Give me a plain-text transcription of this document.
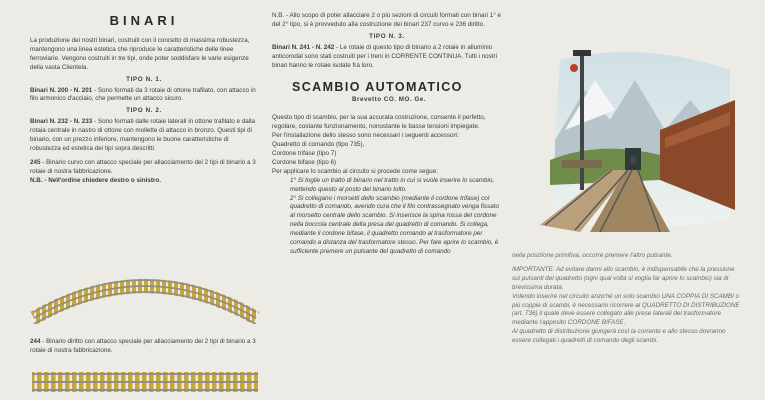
BINARI

La produzione dei nostri binari, costruiti con il concetto di massima robustezza, mantengono una linea estetica che riproduce le caratteristiche delle linee ferroviarie. Vengono costruiti in tre tipi, onde poter soddisfare le varie esigenze della vasta Clientela.

TIPO N. 1.

Binari N. 200 - N. 201 - Sono formati da 3 rotaie di ottone trafilato, con attacco in filo armonico d'acciaio, che permette un attacco sicuro.

TIPO N. 2.

Binari N. 232 - N. 233 - Sono formati dalle rotaie laterali in ottone trafilato e dalla rotaia centrale in nastro di ottone con mollette di attacco in bronzo. Questi tipi di binario, con un prezzo inferiore, mantengono le buone caratteristiche di robustezza ed estetica dei tipi sopra descritti.

245 - Binario curvo con attacco speciale per allacciamento dei 2 tipi di binario a 3 rotaie di nostra fabbricazione.

N.B. - Nell'ordine chiedere destro o sinistro.

244 - Binario diritto con attacco speciale per allacciamento dei 2 tipi di binario a 3 rotaie di nostra fabbricazione.

N.B. - Allo scopo di poter allacciare 2 o più sezioni di circuiti formati con binari 1° e del 2° tipo, si è provveduto alla costruzione dei binari 237 curvo e 236 diritto.

TIPO N. 3.

Binari N. 241 - N. 242 - Le rotaie di questo tipo di binario a 2 rotaie in alluminio anticorodal sono stati costruiti per i treni in CORRENTE CONTINUA. Tutti i nostri binari hanno le rotaie isolate fra loro.

SCAMBIO AUTOMATICO
Brevetto CO. MO. Ge.

Questo tipo di scambio, per la sua accurata costruzione, consente il perfetto, regolare, costante funzionamento, nonostante le basse tensioni impiegate.

Per l'installazione dello stesso sono necessari i seguenti accessori:

Quadretto di comando (tipo 735),

Cordone trifase (tipo 7)

Cordone bifase (tipo 6)

Per applicare lo scambio al circuito si procede come segue:

1° Si toglie un tratto di binario nel tratto in cui si vuole inserire lo scambio, mettendo questo al posto del binario tolto.

2° Si collegano i morsetti dello scambio (mediante il cordone trifase) col quadretto di comando, avendo cura che il filo contrassegnato venga fissato al morsetto centrale dello scambio. Si inserisce la spina rossa del cordone nella boccola centrale della presa del quadretto di comando. Si collega, mediante il cordone bifase, il quadretto comando al trasformatore per comando a distanza del trasformatore stesso. Per fare aprire lo scambio, è sufficiente premere un pulsante del quadretto di comando

nella posizione primitiva, occorre premere l'altro pulsante.

IMPORTANTE: Ad evitare danni allo scambio, è indispensabile che la pressione sui pulsanti del quadretto (ogni qual volta si voglia far aprire lo scambio) sia di brevissima durata.

Volendo inserire nel circuito anziché un solo scambio UNA COPPIA DI SCAMBI o più coppie di scambi, è necessario ricorrere al QUADRETTO DI DISTRIBUZIONE (art. 736) il quale deve essere collegato alle prese laterali del trasformatore mediante l'apposito CORDONE BIFASE.

Al quadretto di distribuzione giungerà così la corrente e allo stesso dovranno essere collegati i quadretti di comando degli scambi.
